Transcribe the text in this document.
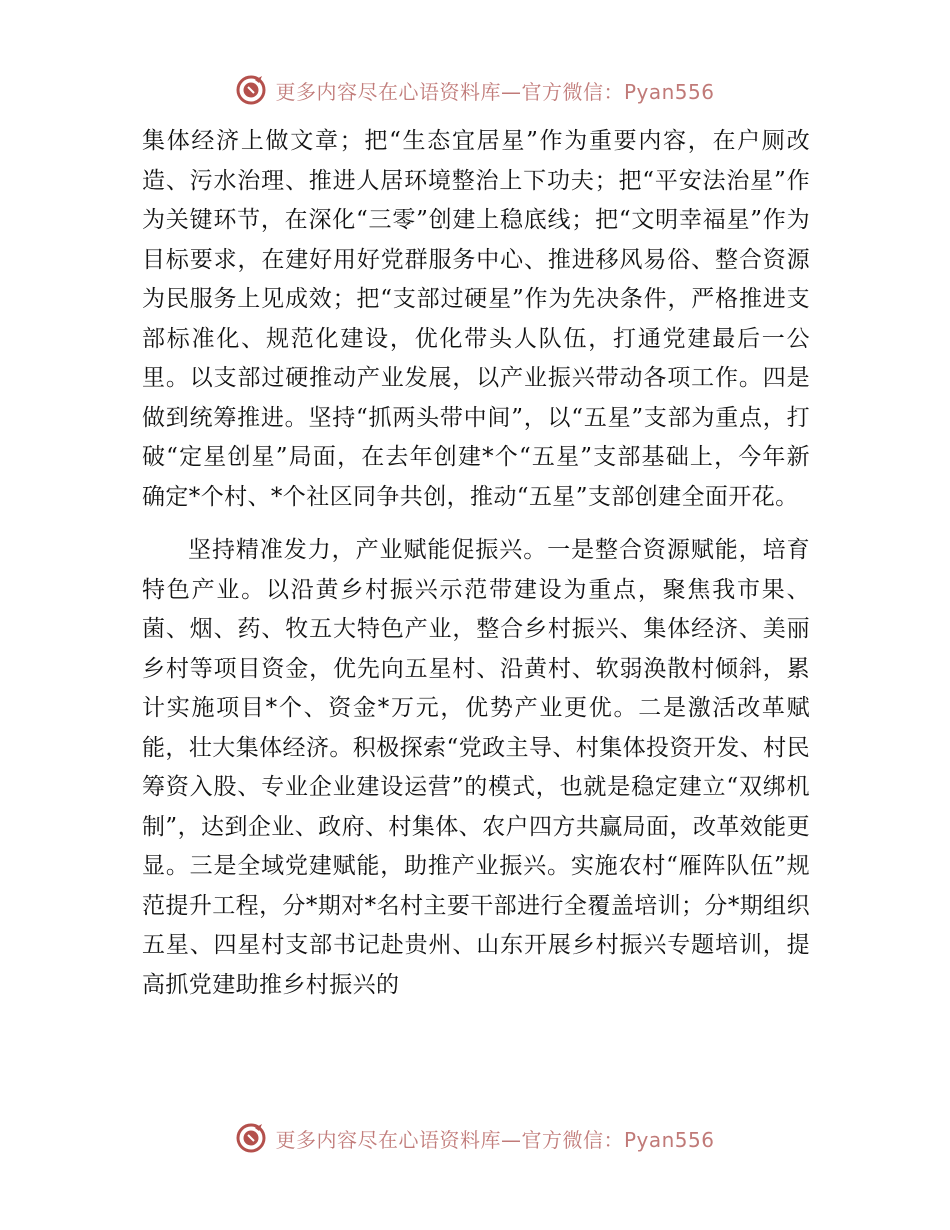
更多内容尽在心语资料库—官方微信：Pyan556

集体经济上做文章；把“生态宜居星”作为重要内容，在户厕改造、污水治理、推进人居环境整治上下功夫；把“平安法治星”作为关键环节，在深化“三零”创建上稳底线；把“文明幸福星”作为目标要求，在建好用好党群服务中心、推进移风易俗、整合资源为民服务上见成效；把“支部过硬星”作为先决条件，严格推进支部标准化、规范化建设，优化带头人队伍，打通党建最后一公里。以支部过硬推动产业发展，以产业振兴带动各项工作。四是做到统筹推进。坚持“抓两头带中间”，以“五星”支部为重点，打破“定星创星”局面，在去年创建*个“五星”支部基础上，今年新确定*个村、*个社区同争共创，推动“五星”支部创建全面开花。

坚持精准发力，产业赋能促振兴。一是整合资源赋能，培育特色产业。以沿黄乡村振兴示范带建设为重点，聚焦我市果、菌、烟、药、牧五大特色产业，整合乡村振兴、集体经济、美丽乡村等项目资金，优先向五星村、沿黄村、软弱涣散村倾斜，累计实施项目*个、资金*万元，优势产业更优。二是激活改革赋能，壮大集体经济。积极探索“党政主导、村集体投资开发、村民筹资入股、专业企业建设运营”的模式，也就是稳定建立“双绑机制”，达到企业、政府、村集体、农户四方共赢局面，改革效能更显。三是全域党建赋能，助推产业振兴。实施农村“雁阵队伍”规范提升工程，分*期对*名村主要干部进行全覆盖培训；分*期组织五星、四星村支部书记赴贵州、山东开展乡村振兴专题培训，提高抓党建助推乡村振兴的

更多内容尽在心语资料库—官方微信：Pyan556
